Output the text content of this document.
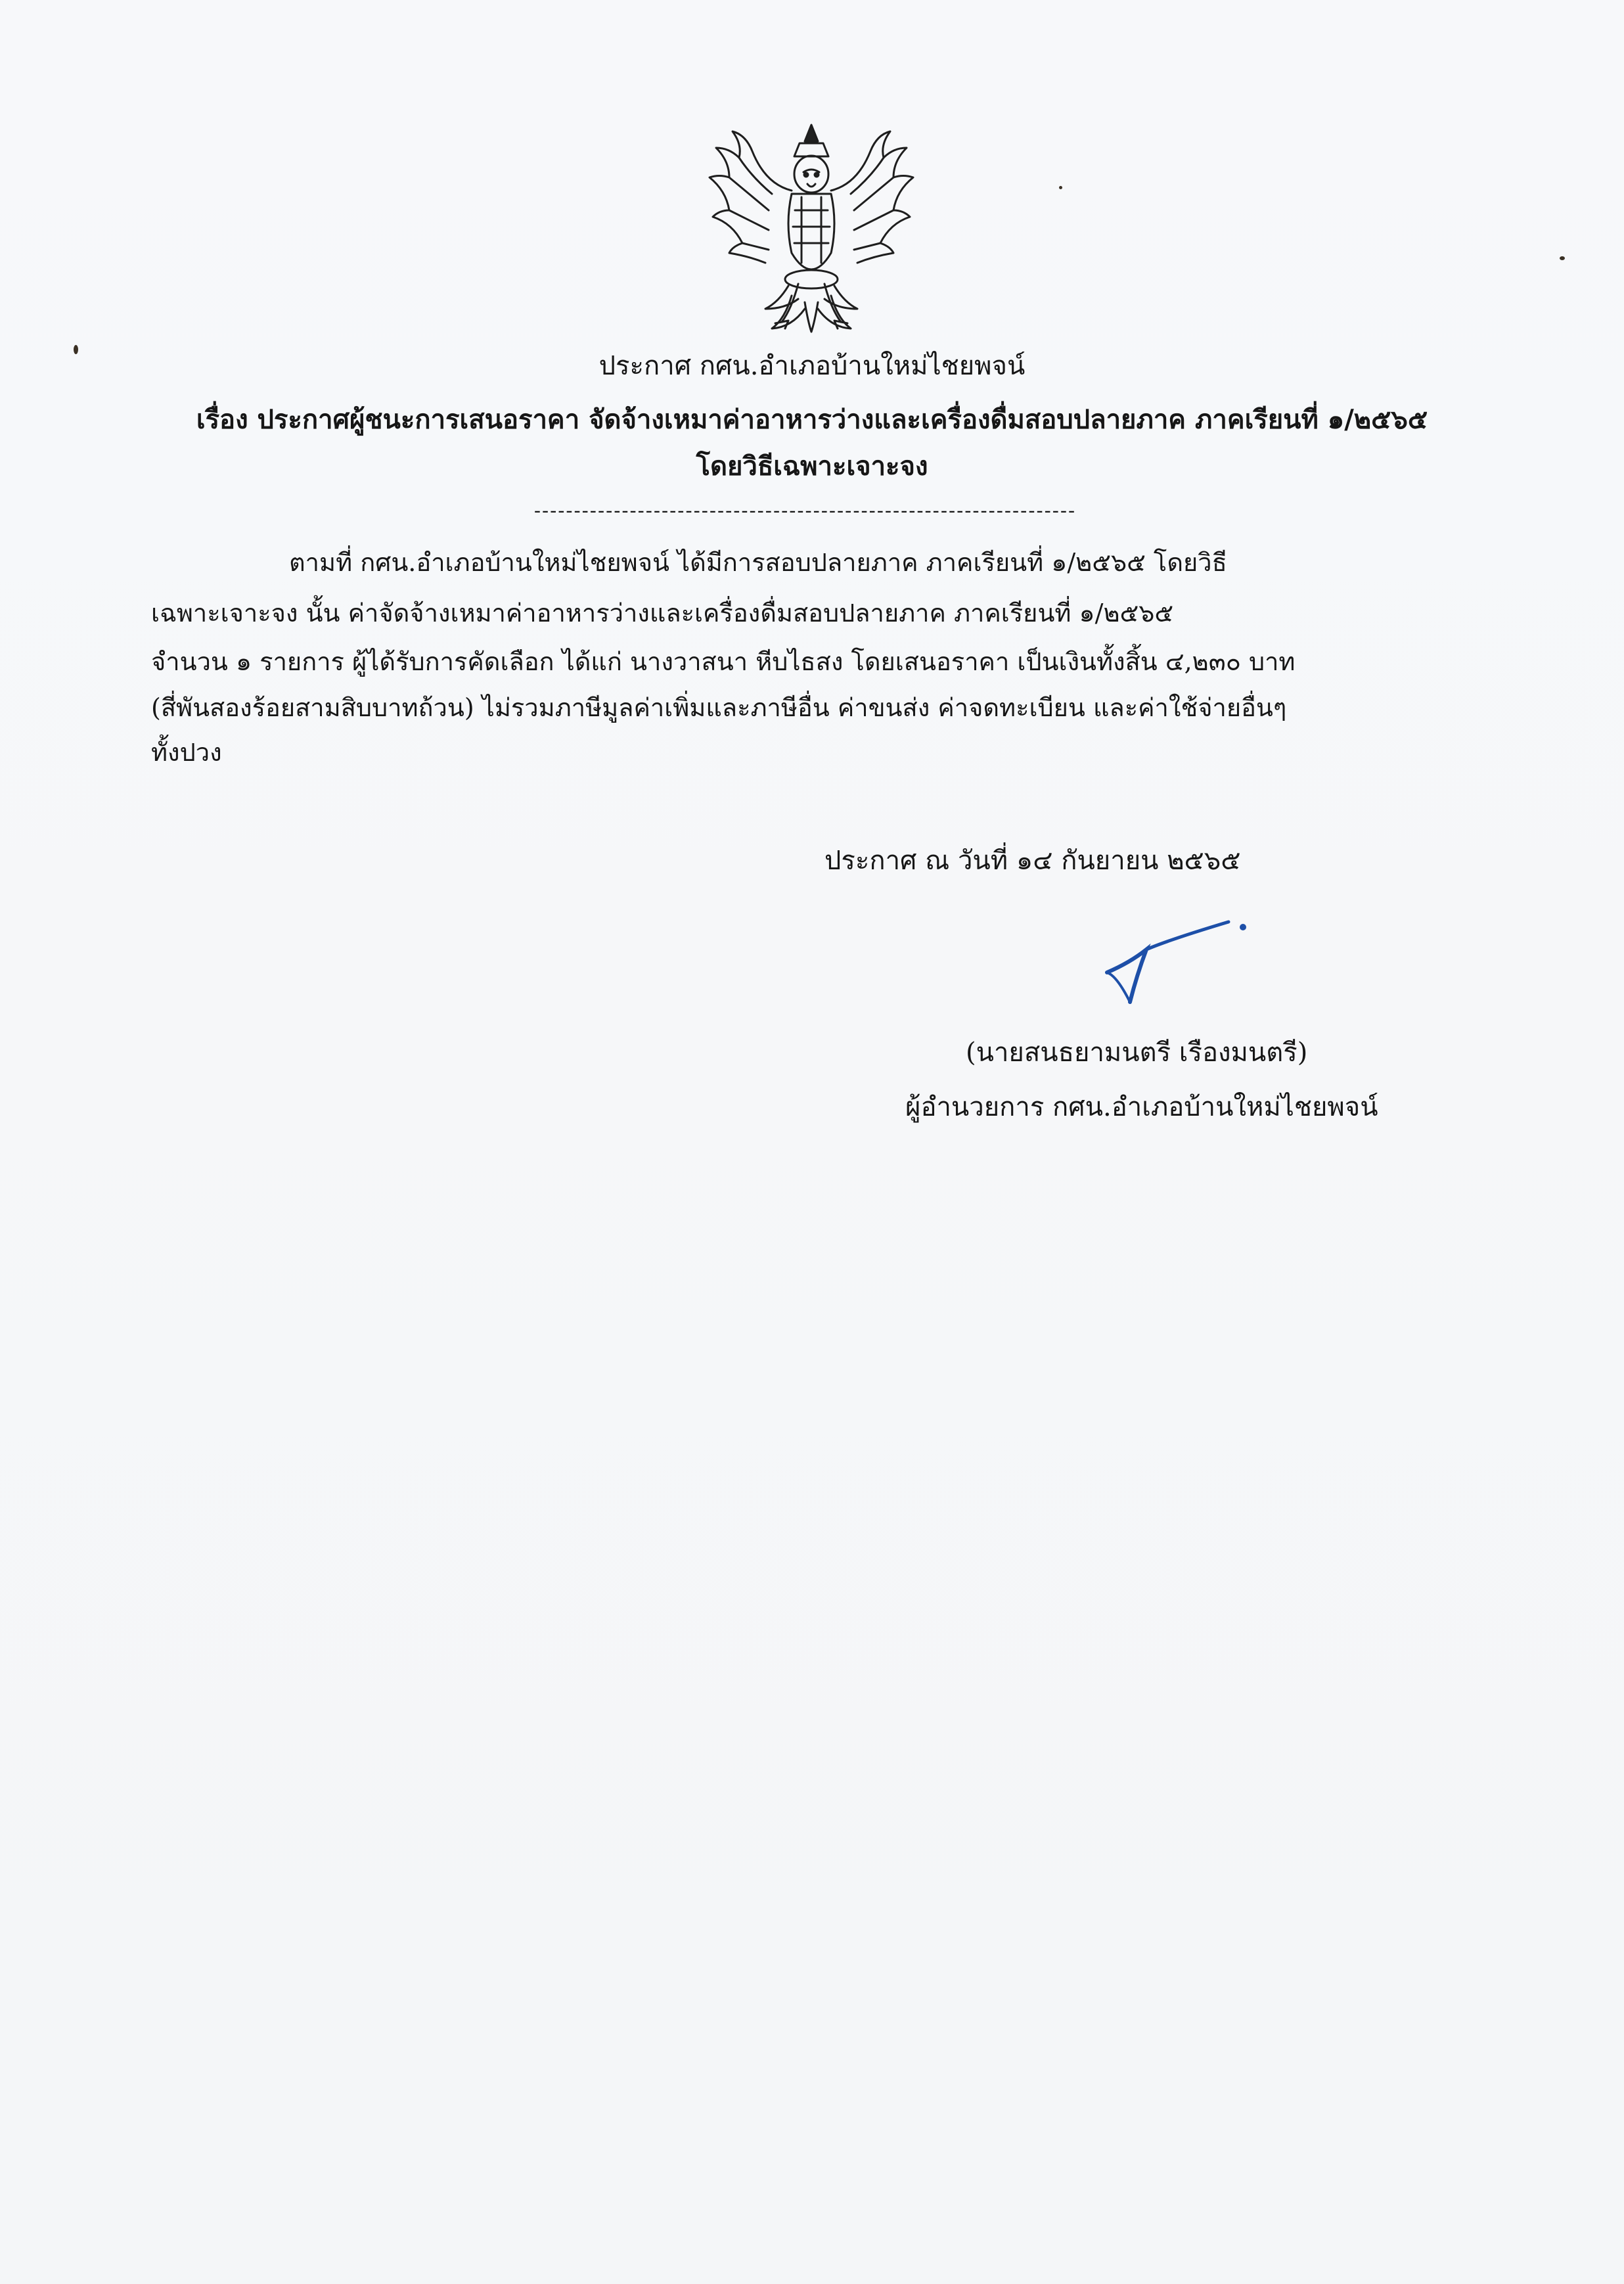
ประกาศ กศน.อำเภอบ้านใหม่ไชยพจน์
เรื่อง ประกาศผู้ชนะการเสนอราคา จัดจ้างเหมาค่าอาหารว่างและเครื่องดื่มสอบปลายภาค ภาคเรียนที่ ๑/๒๕๖๕
โดยวิธีเฉพาะเจาะจง
--------------------------------------------------------------------
ตามที่ กศน.อำเภอบ้านใหม่ไชยพจน์ ได้มีการสอบปลายภาค ภาคเรียนที่ ๑/๒๕๖๕ โดยวิธี
เฉพาะเจาะจง นั้น ค่าจัดจ้างเหมาค่าอาหารว่างและเครื่องดื่มสอบปลายภาค ภาคเรียนที่ ๑/๒๕๖๕
จำนวน ๑ รายการ ผู้ได้รับการคัดเลือก ได้แก่ นางวาสนา หีบไธสง โดยเสนอราคา เป็นเงินทั้งสิ้น ๔,๒๓๐ บาท
(สี่พันสองร้อยสามสิบบาทถ้วน) ไม่รวมภาษีมูลค่าเพิ่มและภาษีอื่น ค่าขนส่ง ค่าจดทะเบียน และค่าใช้จ่ายอื่นๆ
ทั้งปวง
ประกาศ ณ วันที่ ๑๔ กันยายน ๒๕๖๕
(นายสนธยามนตรี เรืองมนตรี)
ผู้อำนวยการ กศน.อำเภอบ้านใหม่ไชยพจน์
